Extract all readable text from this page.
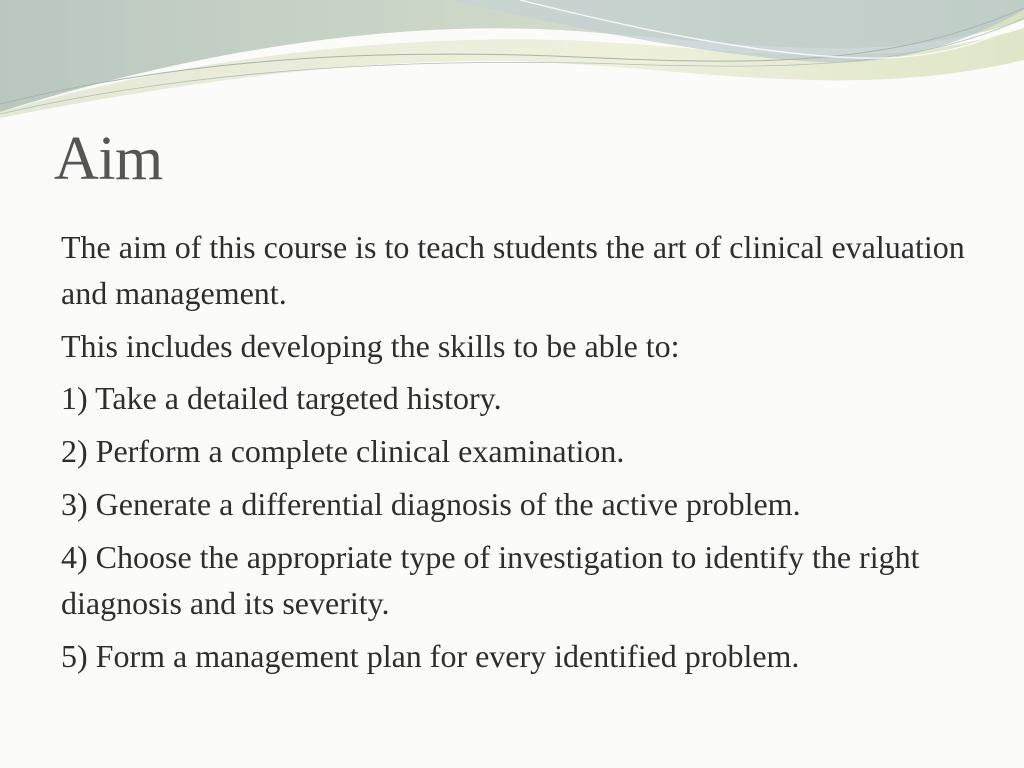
Aim

The aim of this course is to teach students the art of clinical evaluation and management.

This includes developing the skills to be able to:

1) Take a detailed targeted history.

2) Perform a complete clinical examination.

3) Generate a differential diagnosis of the active problem.

4) Choose the appropriate type of investigation to identify the right diagnosis and its severity.

5) Form a management plan for every identified problem.
